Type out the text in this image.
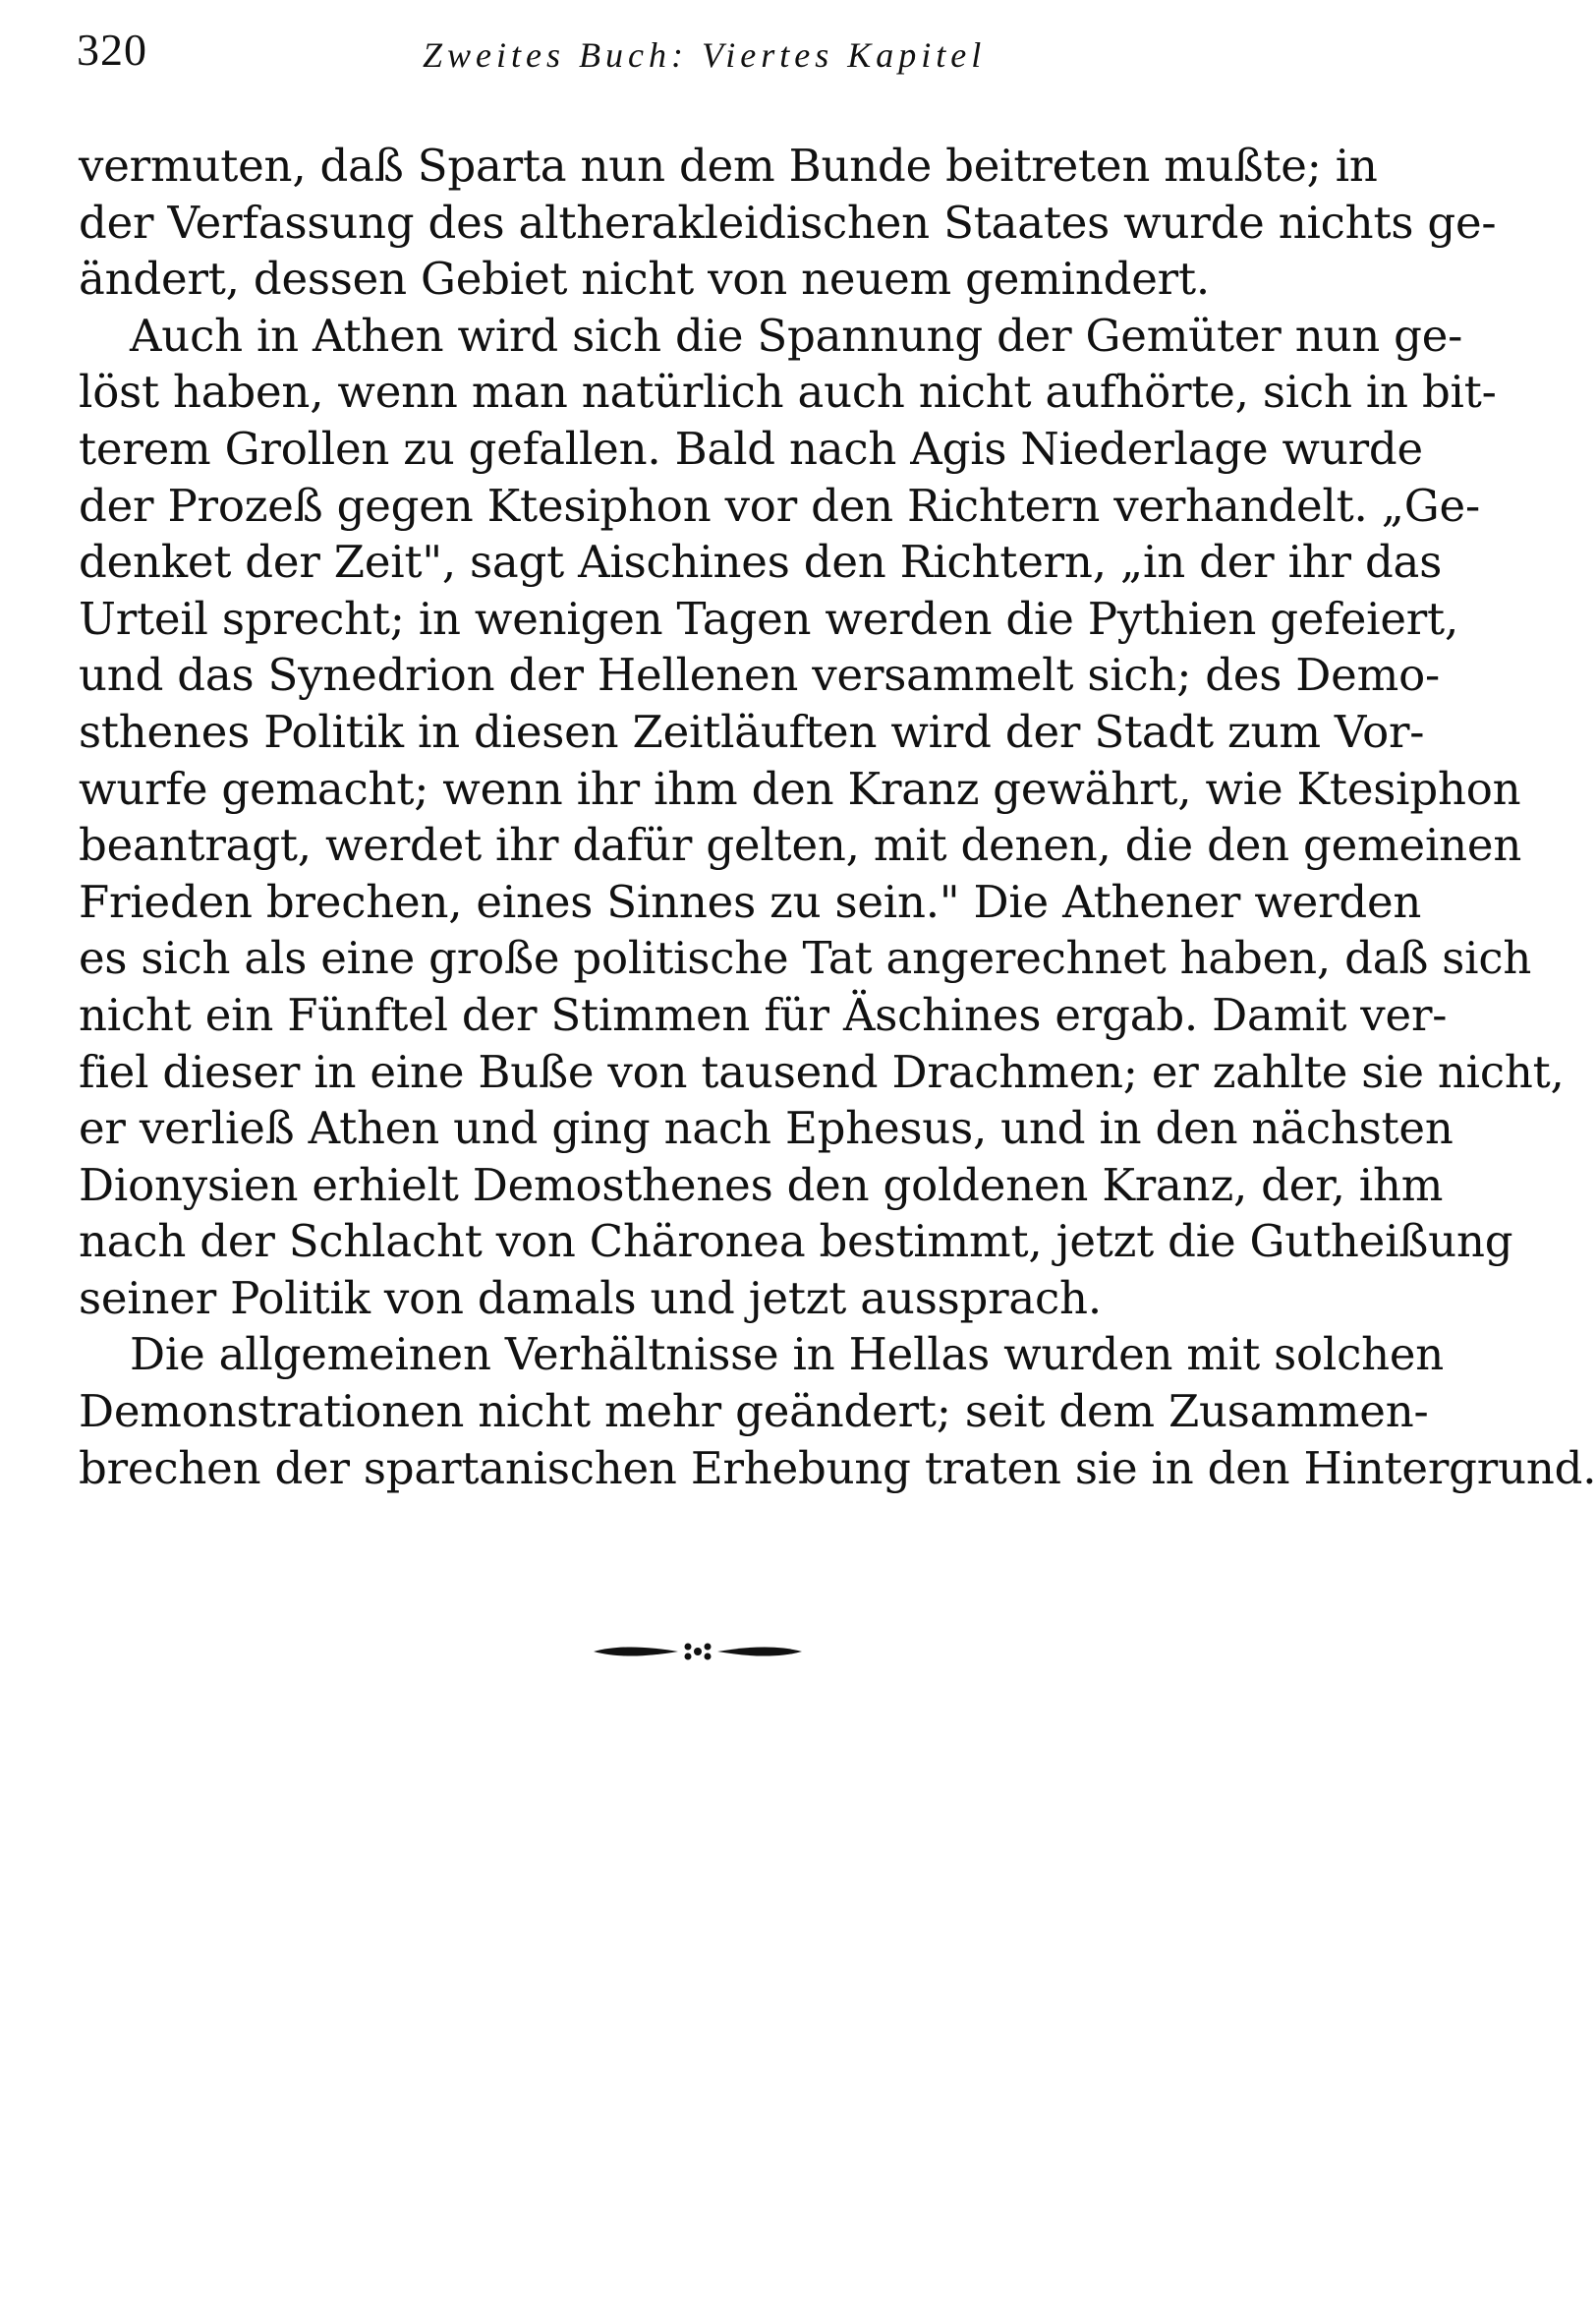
320	Zweites Buch: Viertes Kapitel
vermuten, daß Sparta nun dem Bunde beitreten mußte; in
der Verfassung des altherakleidischen Staates wurde nichts ge-
ändert, dessen Gebiet nicht von neuem gemindert.
Auch in Athen wird sich die Spannung der Gemüter nun ge-
löst haben, wenn man natürlich auch nicht aufhörte, sich in bit-
terem Grollen zu gefallen. Bald nach Agis Niederlage wurde
der Prozeß gegen Ktesiphon vor den Richtern verhandelt. „Ge-
denket der Zeit", sagt Aischines den Richtern, „in der ihr das
Urteil sprecht; in wenigen Tagen werden die Pythien gefeiert,
und das Synedrion der Hellenen versammelt sich; des Demo-
sthenes Politik in diesen Zeitläuften wird der Stadt zum Vor-
wurfe gemacht; wenn ihr ihm den Kranz gewährt, wie Ktesiphon
beantragt, werdet ihr dafür gelten, mit denen, die den gemeinen
Frieden brechen, eines Sinnes zu sein." Die Athener werden
es sich als eine große politische Tat angerechnet haben, daß sich
nicht ein Fünftel der Stimmen für Äschines ergab. Damit ver-
fiel dieser in eine Buße von tausend Drachmen; er zahlte sie nicht,
er verließ Athen und ging nach Ephesus, und in den nächsten
Dionysien erhielt Demosthenes den goldenen Kranz, der, ihm
nach der Schlacht von Chäronea bestimmt, jetzt die Gutheißung
seiner Politik von damals und jetzt aussprach.
Die allgemeinen Verhältnisse in Hellas wurden mit solchen
Demonstrationen nicht mehr geändert; seit dem Zusammen-
brechen der spartanischen Erhebung traten sie in den Hintergrund.
